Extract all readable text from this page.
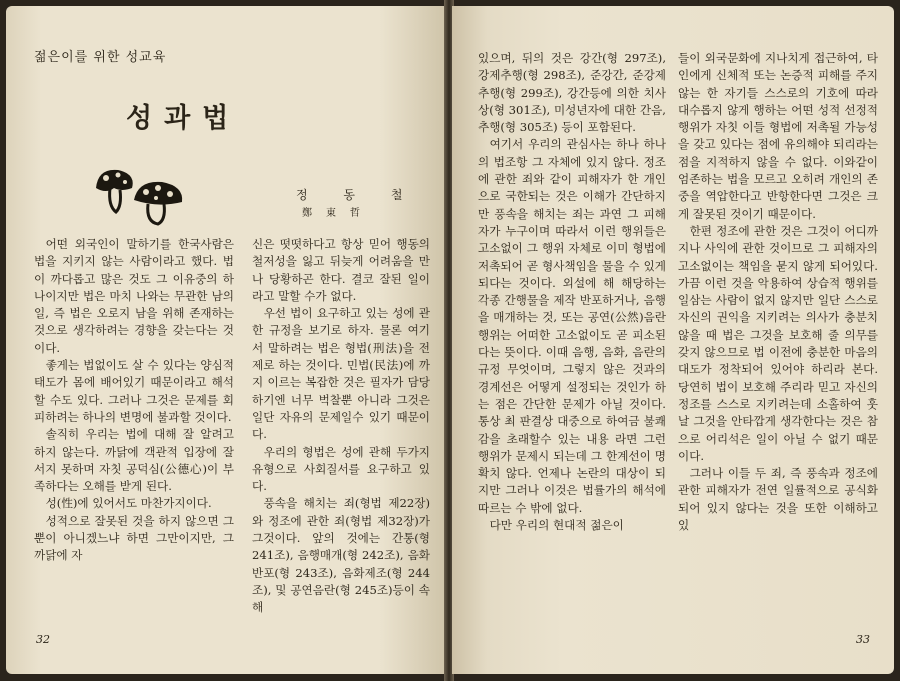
젊은이를 위한 성교육
성과법
정 동 철
鄭東哲

어떤 외국인이 말하기를 한국사람은 법을 지키지 않는 사람이라고 했다. 법이 까다롭고 많은 것도 그 이유중의 하나이지만 법은 마치 나와는 무관한 남의 일, 즉 법은 오로지 남을 위해 존재하는 것으로 생각하려는 경향을 갖는다는 것이다.

좋게는 법없이도 살 수 있다는 양심적 태도가 몸에 배어있기 때문이라고 해석할 수도 있다. 그러나 그것은 문제를 회피하려는 하나의 변명에 불과할 것이다.

솔직히 우리는 법에 대해 잘 알려고 하지 않는다. 까닭에 객관적 입장에 잘 서지 못하며 자칫 공덕심(公德心)이 부족하다는 오해를 받게 된다.

성(性)에 있어서도 마찬가지이다.

성적으로 잘못된 것을 하지 않으면 그뿐이 아니겠느냐 하면 그만이지만, 그 까닭에 자

신은 떳떳하다고 항상 믿어 행동의 철저성을 잃고 뒤늦게 어려움을 만나 당황하곤 한다. 결코 잘된 일이라고 말할 수가 없다.

우선 법이 요구하고 있는 성에 관한 규정을 보기로 하자. 물론 여기서 말하려는 법은 형법(刑法)을 전제로 하는 것이다. 민법(民法)에 까지 이르는 복잡한 것은 필자가 담당하기엔 너무 벅찰뿐 아니라 그것은 일단 자유의 문제일수 있기 때문이다.

우리의 형법은 성에 관해 두가지 유형으로 사회질서를 요구하고 있다.

풍속을 해치는 죄(형법 제22장)와 정조에 관한 죄(형법 제32장)가 그것이다. 앞의 것에는 간통(형 241조), 음행매개(형 242조), 음화반포(형 243조), 음화제조(형 244조), 및 공연음란(형 245조)등이 속해

32

있으며, 뒤의 것은 강간(형 297조), 강제추행(형 298조), 준강간, 준강제추행(형 299조), 강간등에 의한 치사상(형 301조), 미성년자에 대한 간음, 추행(형 305조) 등이 포함된다.

여기서 우리의 관심사는 하나 하나의 법조항 그 자체에 있지 않다. 정조에 관한 죄와 같이 피해자가 한 개인으로 국한되는 것은 이해가 간단하지만 풍속을 해치는 죄는 과연 그 피해자가 누구이며 따라서 이런 행위들은 고소없이 그 행위 자체로 이미 형법에 저촉되어 곧 형사책임을 물을 수 있게 되다는 것이다. 외설에 해 해당하는 각종 간행물을 제작 반포하거나, 음행을 매개하는 것, 또는 공연(公然)음란 행위는 어떠한 고소없이도 곧 피소된다는 뜻이다. 이때 음행, 음화, 음란의 규정 무엇이며, 그렇지 않은 것과의 경계선은 어떻게 설정되는 것인가 하는 점은 간단한 문제가 아닐 것이다. 통상 최 판결상 대중으로 하여금 불쾌감을 초래할수 있는 내용 라면 그런 행위가 문제시 되는데 그 한계선이 명확치 않다. 언제나 논란의 대상이 되지만 그러나 이것은 법률가의 해석에 따르는 수 밖에 없다.

다만 우리의 현대적 젊은이

들이 외국문화에 지나치게 접근하여, 타인에게 신체적 또는 논증적 피해를 주지않는 한 자기들 스스로의 기호에 따라 대수롭지 않게 행하는 어떤 성적 선정적 행위가 자칫 이들 형법에 저촉될 가능성을 갖고 있다는 점에 유의해야 되리라는 점을 지적하지 않을 수 없다. 이와같이 엄존하는 법을 모르고 오히려 개인의 존중을 역압한다고 반항한다면 그것은 크게 잘못된 것이기 때문이다.

한편 정조에 관한 것은 그것이 어디까지나 사익에 관한 것이므로 그 피해자의 고소없이는 책임을 묻지 않게 되어있다. 가끔 이런 것을 악용하여 상습적 행위를 일삼는 사람이 없지 않지만 일단 스스로 자신의 권익을 지키려는 의사가 충분치 않을 때 법은 그것을 보호해 줄 의무를 갖지 않으므로 법 이전에 충분한 마음의 대도가 정착되어 있어야 하리라 본다. 당연히 법이 보호해 주리라 믿고 자신의 정조를 스스로 지키려는데 소홀하여 훗날 그것을 안타깝게 생각한다는 것은 참으로 어리석은 일이 아닐 수 없기 때문이다.

그러나 이들 두 죄, 즉 풍속과 정조에 관한 피해자가 전연 일률적으로 공식화되어 있지 않다는 것을 또한 이해하고 있

33
